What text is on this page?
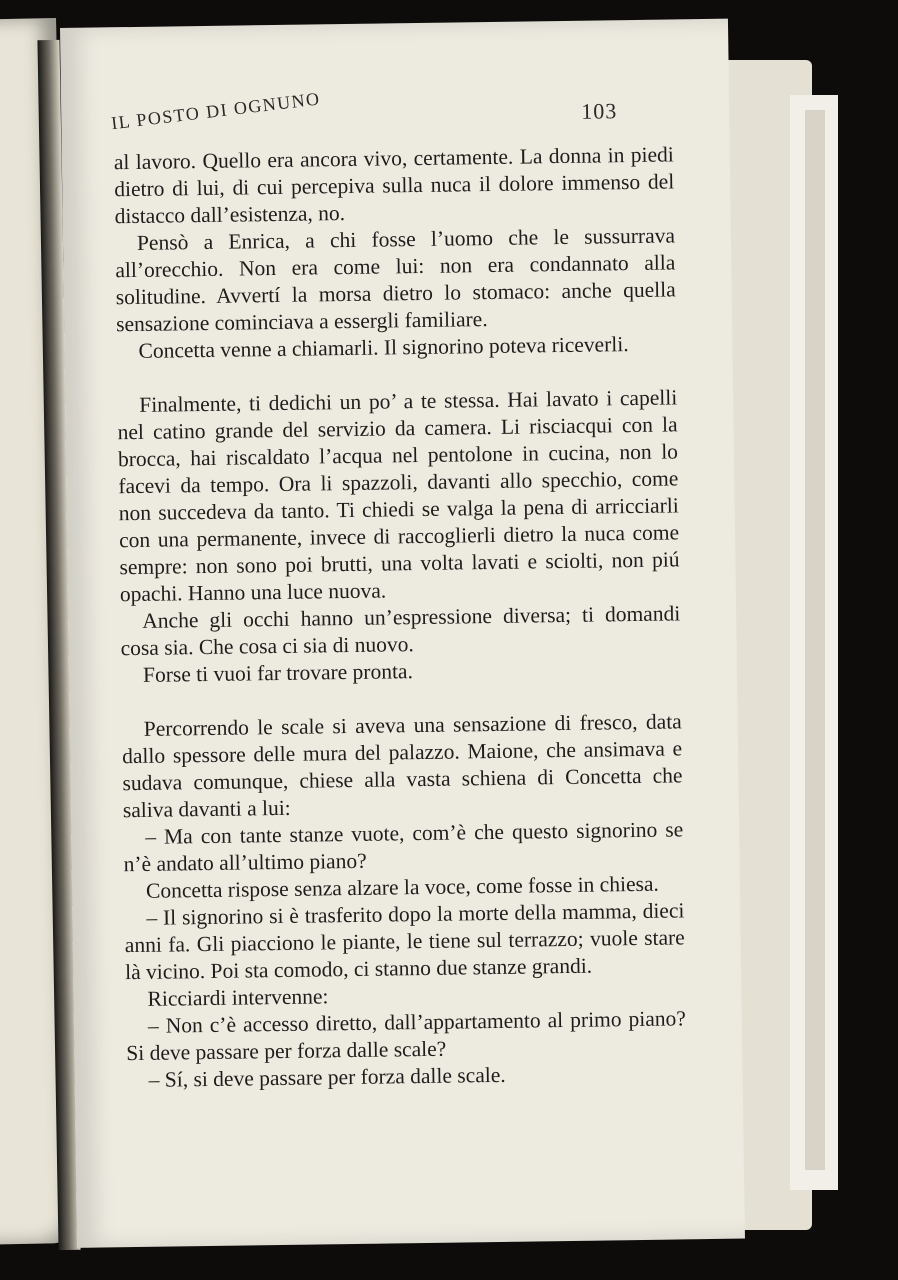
IL POSTO DI OGNUNO	103

al lavoro. Quello era ancora vivo, certamente. La donna in piedi dietro di lui, di cui percepiva sulla nuca il dolore immenso del distacco dall’esistenza, no.

Pensò a Enrica, a chi fosse l’uomo che le sussurrava all’orecchio. Non era come lui: non era condannato alla solitudine. Avvertí la morsa dietro lo stomaco: anche quella sensazione cominciava a essergli familiare.

Concetta venne a chiamarli. Il signorino poteva riceverli.

Finalmente, ti dedichi un po’ a te stessa. Hai lavato i capelli nel catino grande del servizio da camera. Li risciacqui con la brocca, hai riscaldato l’acqua nel pentolone in cucina, non lo facevi da tempo. Ora li spazzoli, davanti allo specchio, come non succedeva da tanto. Ti chiedi se valga la pena di arricciarli con una permanente, invece di raccoglierli dietro la nuca come sempre: non sono poi brutti, una volta lavati e sciolti, non piú opachi. Hanno una luce nuova.

Anche gli occhi hanno un’espressione diversa; ti domandi cosa sia. Che cosa ci sia di nuovo.

Forse ti vuoi far trovare pronta.

Percorrendo le scale si aveva una sensazione di fresco, data dallo spessore delle mura del palazzo. Maione, che ansimava e sudava comunque, chiese alla vasta schiena di Concetta che saliva davanti a lui:

– Ma con tante stanze vuote, com’è che questo signorino se n’è andato all’ultimo piano?

Concetta rispose senza alzare la voce, come fosse in chiesa.

– Il signorino si è trasferito dopo la morte della mamma, dieci anni fa. Gli piacciono le piante, le tiene sul terrazzo; vuole stare là vicino. Poi sta comodo, ci stanno due stanze grandi.

Ricciardi intervenne:

– Non c’è accesso diretto, dall’appartamento al primo piano? Si deve passare per forza dalle scale?

– Sí, si deve passare per forza dalle scale.
